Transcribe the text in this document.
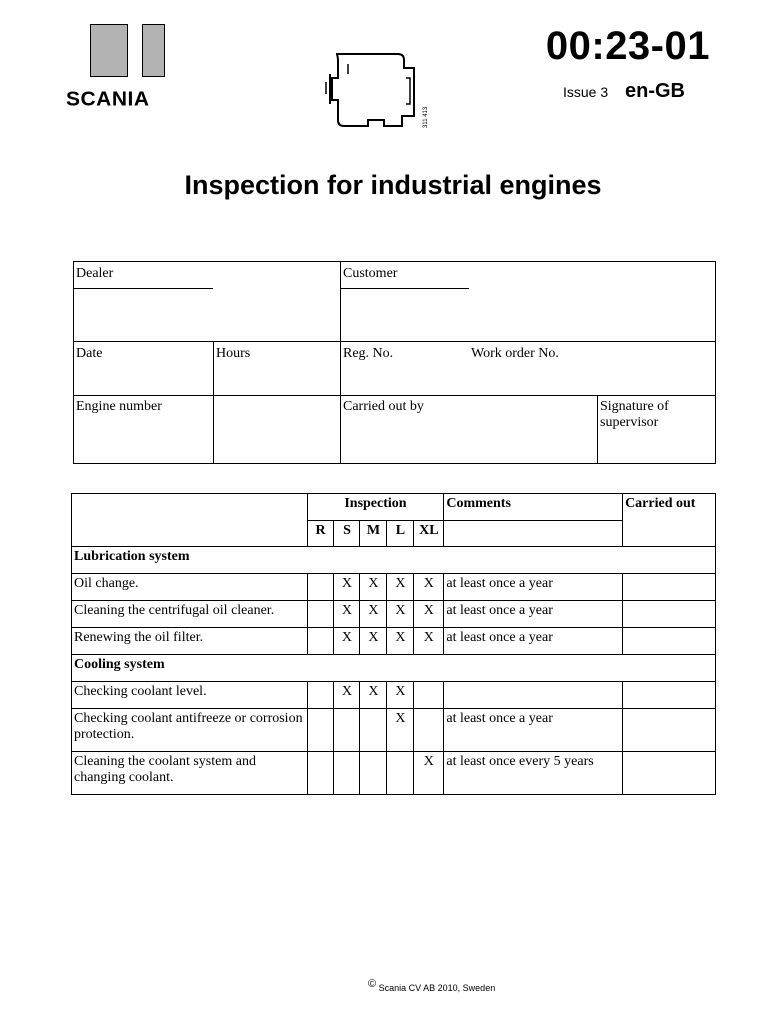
SCANIA
311 413
00:23-01
Issue 3 en-GB
Inspection for industrial engines
Dealer	Customer
Date	Hours	Reg. No.	Work order No.
Engine number	Carried out by	Signature of supervisor
	Inspection					Comments	Carried out
	R	S	M	L	XL		
Lubrication system							
Oil change.		X	X	X	X	at least once a year	
Cleaning the centrifugal oil cleaner.		X	X	X	X	at least once a year	
Renewing the oil filter.		X	X	X	X	at least once a year	
Cooling system							
Checking coolant level.		X	X	X			
Checking coolant antifreeze or corrosion protection.				X		at least once a year	
Cleaning the coolant system and changing coolant.					X	at least once every 5 years	
© Scania CV AB 2010, Sweden
